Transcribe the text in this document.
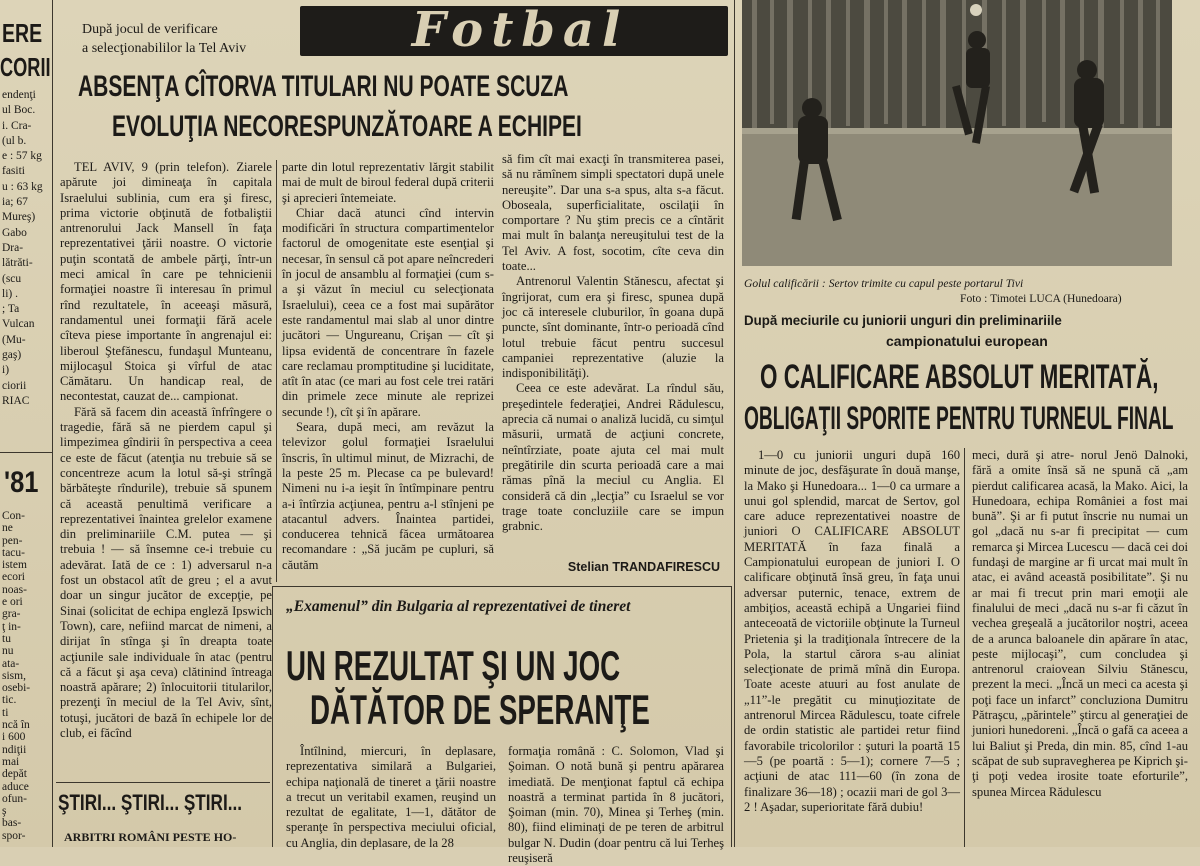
ERE
CORII
endenţi
ul Boc.
i. Cra-
(ul b.
e : 57 kg
fasiti
u : 63 kg
ia; 67
Mureş)
Gabo
Dra-
lătrăti-
(scu
li) .
; Ta
Vulcan
(Mu-
gaş)
i)
ciorii
RIAC
'81
Con-
ne
pen-
tacu-
istem
ecori
noas-
e ori
gra-
ţ in-
tu
nu
ata-
sism,
osebi-
tic.
ti
ncă în
i 600
ndiţii
mai
depăt
aduce
ofun-
ş
bas-
spor-
După jocul de verificare
a selecţionabililor la Tel Aviv	Fotbal
ABSENŢA CÎTORVA TITULARI NU POATE SCUZA
EVOLUŢIA NECORESPUNZĂTOARE A ECHIPEI

TEL AVIV, 9 (prin telefon). Ziarele apărute joi dimineaţa în capitala Israelului sublinia, cum era şi firesc, prima victorie obţinută de fotbaliştii antrenorului Jack Mansell în faţa reprezentativei ţării noastre. O victorie puţin scontată de ambele părţi, într-un meci amical în care pe tehnicienii formaţiei noastre îi interesau în primul rînd rezultatele, în aceeaşi măsură, randamentul unei formaţii fără acele cîteva piese importante în angrenajul ei: liberoul Ştefănescu, fundaşul Munteanu, mijlocaşul Stoica şi vîrful de atac Cămătaru. Un handicap real, de necontestat, cauzat de... campionat.

Fără să facem din această înfrîngere o tragedie, fără să ne pierdem capul şi limpezimea gîndirii în perspectiva a ceea ce este de făcut (atenţia nu trebuie să se concentreze acum la lotul să-şi strîngă bărbăteşte rîndurile), trebuie să spunem că această penultimă verificare a reprezentativei înaintea grelelor examene din preliminariile C.M. putea — şi trebuia ! — să însemne ce-i trebuie cu adevărat. Iată de ce : 1) adversarul n-a fost un obstacol atît de greu ; el a avut doar un singur jucător de excepţie, pe Sinai (solicitat de echipa engleză Ipswich Town), care, nefiind marcat de nimeni, a dirijat în stînga şi în dreapta toate acţiunile sale individuale în atac (pentru că a făcut şi aşa ceva) clătinind întreaga noastră apărare; 2) înlocuitorii titularilor, prezenţi în meciul de la Tel Aviv, sînt, totuşi, jucători de bază în echipele lor de club, ei făcînd

parte din lotul reprezentativ lărgit stabilit mai de mult de biroul federal după criterii şi aprecieri întemeiate.

Chiar dacă atunci cînd intervin modificări în structura compartimentelor factorul de omogenitate este esenţial şi necesar, în sensul că pot apare neîncrederi în jocul de ansamblu al formaţiei (cum s-a şi văzut în meciul cu selecţionata Israelului), ceea ce a fost mai supărător este randamentul mai slab al unor dintre jucători — Ungureanu, Crişan — cît şi lipsa evidentă de concentrare în fazele care reclamau promptitudine şi luciditate, atît în atac (ce mari au fost cele trei ratări din primele zece minute ale reprizei secunde !), cît şi în apărare.

Seara, după meci, am revăzut la televizor golul formaţiei Israelului înscris, în ultimul minut, de Mizrachi, de la peste 25 m. Plecase ca pe bulevard! Nimeni nu i-a ieşit în întîmpinare pentru a-i întîrzia acţiunea, pentru a-l stînjeni pe atacantul advers. Înaintea partidei, conducerea tehnică făcea următoarea recomandare : „Să jucăm pe cupluri, să căutăm

să fim cît mai exacţi în transmiterea pasei, să nu rămînem simpli spectatori după unele nereuşite”. Dar una s-a spus, alta s-a făcut. Oboseala, superficialitate, oscilaţii în comportare ? Nu ştim precis ce a cîntărit mai mult în balanţa nereuşitului test de la Tel Aviv. A fost, socotim, cîte ceva din toate...

Antrenorul Valentin Stănescu, afectat şi îngrijorat, cum era şi firesc, spunea după joc că interesele cluburilor, în goana după puncte, sînt dominante, într-o perioadă cînd lotul trebuie făcut pentru succesul campaniei reprezentative (aluzie la indisponibilităţi).

Ceea ce este adevărat. La rîndul său, preşedintele federaţiei, Andrei Rădulescu, aprecia că numai o analiză lucidă, cu simţul măsurii, urmată de acţiuni concrete, neîntîrziate, poate ajuta cel mai mult pregătirile din scurta perioadă care a mai rămas pînă la meciul cu Anglia. El consideră că din „lecţia” cu Israelul se vor trage toate concluziile care se impun grabnic.

Stelian TRANDAFIRESCU
„Examenul” din Bulgaria al reprezentativei de tineret
UN REZULTAT ŞI UN JOC
DĂTĂTOR DE SPERANŢE

Întîlnind, miercuri, în deplasare, reprezentativa similară a Bulgariei, echipa naţională de tineret a ţării noastre a trecut un veritabil examen, reuşind un rezultat de egalitate, 1—1, dătător de speranţe în perspectiva meciului oficial, cu Anglia, din deplasare, de la 28

formaţia română : C. Solomon, Vlad şi Şoiman. O notă bună şi pentru apărarea imediată. De menţionat faptul că echipa noastră a terminat partida în 8 jucători, Şoiman (min. 70), Minea şi Terheş (min. 80), fiind eliminaţi de pe teren de arbitrul bulgar N. Dudin (doar pentru că lui Terheş reuşiseră

ŞTIRI... ŞTIRI... ŞTIRI...
ARBITRI ROMÂNI PESTE HO-
Golul calificării : Sertov trimite cu capul peste portarul Tivi
Foto : Timotei LUCA (Hunedoara)
După meciurile cu juniorii unguri din preliminariile
campionatului european
O CALIFICARE ABSOLUT MERITATĂ,
OBLIGAŢII SPORITE PENTRU TURNEUL FINAL

1—0 cu juniorii unguri după 160 minute de joc, desfăşurate în două manşe, la Mako şi Hunedoara... 1—0 ca urmare a unui gol splendid, marcat de Sertov, gol care aduce reprezentativei noastre de juniori O CALIFICARE ABSOLUT MERITATĂ în faza finală a Campionatului european de juniori I. O calificare obţinută însă greu, în faţa unui adversar puternic, tenace, extrem de ambiţios, această echipă a Ungariei fiind anteceoată de victoriile obţinute la Turneul Prietenia şi la tradiţionala întrecere de la Pola, la startul cărora s-au aliniat selecţionate de primă mînă din Europa. Toate aceste atuuri au fost anulate de „11”-le pregătit cu minuţiozitate de antrenorul Mircea Rădulescu, toate cifrele de ordin statistic ale partidei retur fiind favorabile tricolorilor : şuturi la poartă 15—5 (pe poartă : 5—1); cornere 7—5 ; acţiuni de atac 111—60 (în zona de finalizare 36—18) ; ocazii mari de gol 3—2 ! Aşadar, superioritate fără dubiu!

meci, dură şi atre- norul Jenö Dalnoki, fără a omite însă să ne spună că „am pierdut calificarea acasă, la Mako. Aici, la Hunedoara, echipa României a fost mai bună”. Şi ar fi putut înscrie nu numai un gol „dacă nu s-ar fi precipitat — cum remarca şi Mircea Lucescu — dacă cei doi fundaşi de margine ar fi urcat mai mult în atac, ei având această posibilitate”. Şi nu ar mai fi trecut prin mari emoţii ale finalului de meci „dacă nu s-ar fi căzut în vechea greşeală a jucătorilor noştri, aceea de a arunca baloanele din apărare în atac, peste mijlocaşi”, cum concludea şi antrenorul craiovean Silviu Stănescu, prezent la meci. „Încă un meci ca acesta şi poţi face un infarct” concluziona Dumitru Pătraşcu, „părintele” ştircu al generaţiei de juniori hunedoreni. „Încă o gafă ca aceea a lui Baliut şi Preda, din min. 85, cînd 1-au scăpat de sub supravegherea pe Kiprich şi-ţi poţi vedea irosite toate eforturile”, spunea Mircea Rădulescu
